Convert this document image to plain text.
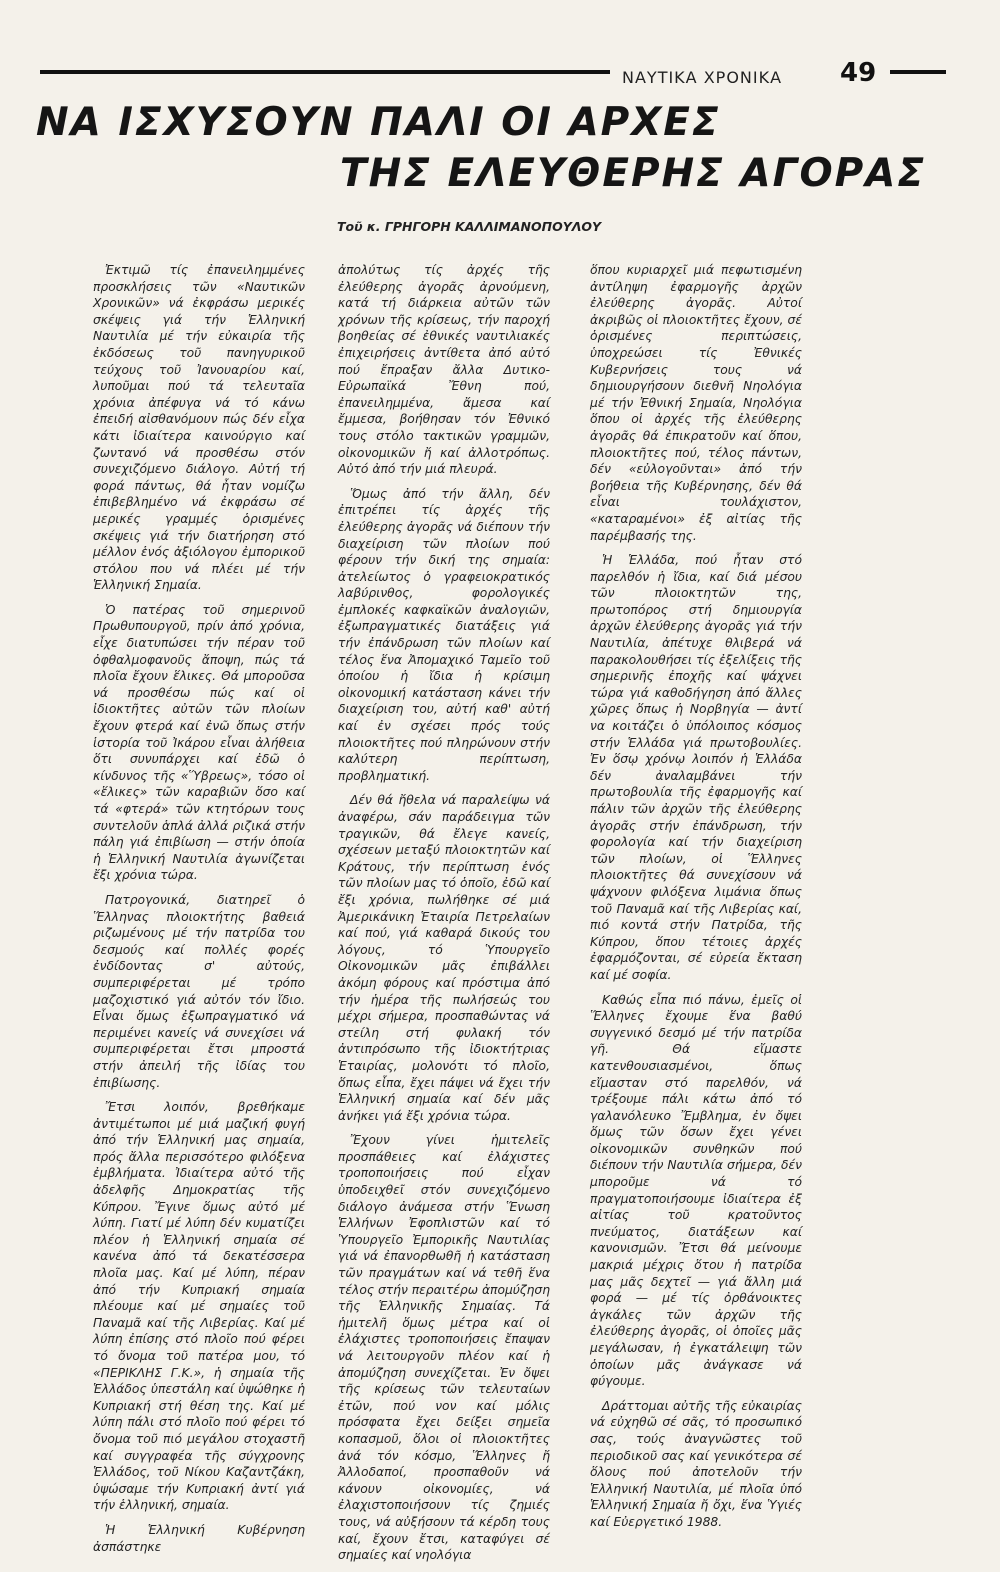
ΝΑΥΤΙΚΑ ΧΡΟΝΙΚΑ 49
ΝΑ ΙΣΧΥΣΟΥΝ ΠΑΛΙ ΟΙ ΑΡΧΕΣ
ΤΗΣ ΕΛΕΥΘΕΡΗΣ ΑΓΟΡΑΣ
Τοῦ κ. ΓΡΗΓΟΡΗ ΚΑΛΛΙΜΑΝΟΠΟΥΛΟΥ

Ἐκτιμῶ τίς ἐπανειλημμένες προσκλήσεις τῶν «Ναυτικῶν Χρονικῶν» νά ἐκφράσω μερικές σκέψεις γιά τήν Ἑλληνική Ναυτιλία μέ τήν εὐκαιρία τῆς ἐκδόσεως τοῦ πανηγυρικοῦ τεύχους τοῦ Ἰανουαρίου καί, λυποῦμαι πού τά τελευταῖα χρόνια ἀπέφυγα νά τό κάνω ἐπειδή αἰσθανόμουν πώς δέν εἶχα κάτι ἰδιαίτερα καινούργιο καί ζωντανό νά προσθέσω στόν συνεχιζόμενο διάλογο. Αὐτή τή φορά πάντως, θά ἦταν νομίζω ἐπιβεβλημένο νά ἐκφράσω σέ μερικές γραμμές ὁρισμένες σκέψεις γιά τήν διατήρηση στό μέλλον ἑνός ἀξιόλογου ἐμπορικοῦ στόλου που νά πλέει μέ τήν Ἑλληνική Σημαία.

Ὁ πατέρας τοῦ σημερινοῦ Πρωθυπουργοῦ, πρίν ἀπό χρόνια, εἶχε διατυπώσει τήν πέραν τοῦ ὀφθαλμοφανοῦς ἄποψη, πώς τά πλοῖα ἔχουν ἕλικες. Θά μποροῦσα νά προσθέσω πώς καί οἱ ἰδιοκτῆτες αὐτῶν τῶν πλοίων ἔχουν φτερά καί ἐνῶ ὅπως στήν ἱστορία τοῦ Ἰκάρου εἶναι ἀλήθεια ὅτι συνυπάρχει καί ἐδῶ ὁ κίνδυνος τῆς «Ὕβρεως», τόσο οἱ «ἕλικες» τῶν καραβιῶν ὅσο καί τά «φτερά» τῶν κτητόρων τους συντελοῦν ἁπλά ἀλλά ριζικά στήν πάλη γιά ἐπιβίωση — στήν ὁποία ἡ Ἑλληνική Ναυτιλία ἀγωνίζεται ἔξι χρόνια τώρα.

Πατρογονικά, διατηρεῖ ὁ Ἕλληνας πλοιοκτήτης βαθειά ριζωμένους μέ τήν πατρίδα του δεσμούς καί πολλές φορές ἐνδίδοντας σ' αὐτούς, συμπεριφέρεται μέ τρόπο μαζοχιστικό γιά αὐτόν τόν ἴδιο. Εἶναι ὅμως ἐξωπραγματικό νά περιμένει κανείς νά συνεχίσει νά συμπεριφέρεται ἔτσι μπροστά στήν ἀπειλή τῆς ἰδίας του ἐπιβίωσης.

Ἔτσι λοιπόν, βρεθήκαμε ἀντιμέτωποι μέ μιά μαζική φυγή ἀπό τήν Ἑλληνική μας σημαία, πρός ἄλλα περισσότερο φιλόξενα ἐμβλήματα. Ἰδιαίτερα αὐτό τῆς ἀδελφῆς Δημοκρατίας τῆς Κύπρου. Ἔγινε ὅμως αὐτό μέ λύπη. Γιατί μέ λύπη δέν κυματίζει πλέον ἡ Ἑλληνική σημαία σέ κανένα ἀπό τά δεκατέσσερα πλοῖα μας. Καί μέ λύπη, πέραν ἀπό τήν Κυπριακή σημαία πλέουμε καί μέ σημαίες τοῦ Παναμᾶ καί τῆς Λιβερίας. Καί μέ λύπη ἐπίσης στό πλοῖο πού φέρει τό ὄνομα τοῦ πατέρα μου, τό «ΠΕΡΙΚΛΗΣ Γ.Κ.», ἡ σημαία τῆς Ἑλλάδος ὑπεστάλη καί ὑψώθηκε ἡ Κυπριακή στή θέση της. Καί μέ λύπη πάλι στό πλοῖο πού φέρει τό ὄνομα τοῦ πιό μεγάλου στοχαστῆ καί συγγραφέα τῆς σύγχρονης Ἑλλάδος, τοῦ Νίκου Καζαντζάκη, ὑψώσαμε τήν Κυπριακή ἀντί γιά τήν ἑλληνική, σημαία.

Ἡ Ἑλληνική Κυβέρνηση ἀσπάστηκε

ἀπολύτως τίς ἀρχές τῆς ἐλεύθερης ἀγορᾶς ἀρνούμενη, κατά τή διάρκεια αὐτῶν τῶν χρόνων τῆς κρίσεως, τήν παροχή βοηθείας σέ ἐθνικές ναυτιλιακές ἐπιχειρήσεις ἀντίθετα ἀπό αὐτό πού ἔπραξαν ἄλλα Δυτικο-Εὐρωπαϊκά Ἔθνη πού, ἐπανειλημμένα, ἄμεσα καί ἔμμεσα, βοήθησαν τόν Ἐθνικό τους στόλο τακτικῶν γραμμῶν, οἰκονομικῶν ἤ καί ἀλλοτρόπως. Αὐτό ἀπό τήν μιά πλευρά.

Ὅμως ἀπό τήν ἄλλη, δέν ἐπιτρέπει τίς ἀρχές τῆς ἐλεύθερης ἀγορᾶς νά διέπουν τήν διαχείριση τῶν πλοίων πού φέρουν τήν δική της σημαία: ἀτελείωτος ὁ γραφειοκρατικός λαβύρινθος, φορολογικές ἐμπλοκές καφκαϊκῶν ἀναλογιῶν, ἐξωπραγματικές διατάξεις γιά τήν ἐπάνδρωση τῶν πλοίων καί τέλος ἕνα Ἀπομαχικό Ταμεῖο τοῦ ὁποίου ἡ ἴδια ἡ κρίσιμη οἰκονομική κατάσταση κάνει τήν διαχείριση του, αὐτή καθ' αὐτή καί ἐν σχέσει πρός τούς πλοιοκτῆτες πού πληρώνουν στήν καλύτερη περίπτωση, προβληματική.

Δέν θά ἤθελα νά παραλείψω νά ἀναφέρω, σάν παράδειγμα τῶν τραγικῶν, θά ἔλεγε κανείς, σχέσεων μεταξύ πλοιοκτητῶν καί Κράτους, τήν περίπτωση ἑνός τῶν πλοίων μας τό ὁποῖο, ἐδῶ καί ἔξι χρόνια, πωλήθηκε σέ μιά Ἀμερικάνικη Ἑταιρία Πετρελαίων καί πού, γιά καθαρά δικούς του λόγους, τό Ὑπουργεῖο Οἰκονομικῶν μᾶς ἐπιβάλλει ἀκόμη φόρους καί πρόστιμα ἀπό τήν ἡμέρα τῆς πωλήσεώς του μέχρι σήμερα, προσπαθώντας νά στείλη στή φυλακή τόν ἀντιπρόσωπο τῆς ἰδιοκτήτριας Ἑταιρίας, μολονότι τό πλοῖο, ὅπως εἶπα, ἔχει πάψει νά ἔχει τήν Ἑλληνική σημαία καί δέν μᾶς ἀνήκει γιά ἔξι χρόνια τώρα.

Ἔχουν γίνει ἡμιτελεῖς προσπάθειες καί ἐλάχιστες τροποποιήσεις πού εἶχαν ὑποδειχθεῖ στόν συνεχιζόμενο διάλογο ἀνάμεσα στήν Ἕνωση Ἑλλήνων Ἐφοπλιστῶν καί τό Ὑπουργεῖο Ἐμπορικῆς Ναυτιλίας γιά νά ἐπανορθωθῆ ἡ κατάσταση τῶν πραγμάτων καί νά τεθῆ ἕνα τέλος στήν περαιτέρω ἀπομύζηση τῆς Ἑλληνικῆς Σημαίας. Τά ἡμιτελῆ ὅμως μέτρα καί οἱ ἐλάχιστες τροποποιήσεις ἔπαψαν νά λειτουργοῦν πλέον καί ἡ ἀπομύζηση συνεχίζεται. Ἐν ὄψει τῆς κρίσεως τῶν τελευταίων ἐτῶν, πού νον καί μόλις πρόσφατα ἔχει δείξει σημεῖα κοπασμοῦ, ὅλοι οἱ πλοιοκτῆτες ἀνά τόν κόσμο, Ἕλληνες ἤ Ἀλλοδαποί, προσπαθοῦν νά κάνουν οἰκονομίες, νά ἐλαχιστοποιήσουν τίς ζημιές τους, νά αὐξήσουν τά κέρδη τους καί, ἔχουν ἔτσι, καταφύγει σέ σημαίες καί νηολόγια

ὅπου κυριαρχεῖ μιά πεφωτισμένη ἀντίληψη ἐφαρμογῆς ἀρχῶν ἐλεύθερης ἀγορᾶς. Αὐτοί ἀκριβῶς οἱ πλοιοκτῆτες ἔχουν, σέ ὁρισμένες περιπτώσεις, ὑποχρεώσει τίς Ἐθνικές Κυβερνήσεις τους νά δημιουργήσουν διεθνῆ Νηολόγια μέ τήν Ἐθνική Σημαία, Νηολόγια ὅπου οἱ ἀρχές τῆς ἐλεύθερης ἀγορᾶς θά ἐπικρατοῦν καί ὅπου, πλοιοκτῆτες πού, τέλος πάντων, δέν «εὐλογοῦνται» ἀπό τήν βοήθεια τῆς Κυβέρνησης, δέν θά εἶναι τουλάχιστον, «καταραμένοι» ἐξ αἰτίας τῆς παρέμβασής της.

Ἡ Ἑλλάδα, πού ἦταν στό παρελθόν ἡ ἴδια, καί διά μέσου τῶν πλοιοκτητῶν της, πρωτοπόρος στή δημιουργία ἀρχῶν ἐλεύθερης ἀγορᾶς γιά τήν Ναυτιλία, ἀπέτυχε θλιβερά νά παρακολουθήσει τίς ἐξελίξεις τῆς σημερινῆς ἐποχῆς καί ψάχνει τώρα γιά καθοδήγηση ἀπό ἄλλες χῶρες ὅπως ἡ Νορβηγία — ἀντί να κοιτάζει ὁ ὑπόλοιπος κόσμος στήν Ἑλλάδα γιά πρωτοβουλίες. Ἐν ὅσῳ χρόνῳ λοιπόν ἡ Ἑλλάδα δέν ἀναλαμβάνει τήν πρωτοβουλία τῆς ἐφαρμογῆς καί πάλιν τῶν ἀρχῶν τῆς ἐλεύθερης ἀγορᾶς στήν ἐπάνδρωση, τήν φορολογία καί τήν διαχείριση τῶν πλοίων, οἱ Ἕλληνες πλοιοκτῆτες θά συνεχίσουν νά ψάχνουν φιλόξενα λιμάνια ὅπως τοῦ Παναμᾶ καί τῆς Λιβερίας καί, πιό κοντά στήν Πατρίδα, τῆς Κύπρου, ὅπου τέτοιες ἀρχές ἐφαρμόζονται, σέ εὐρεία ἔκταση καί μέ σοφία.

Καθώς εἶπα πιό πάνω, ἐμεῖς οἱ Ἕλληνες ἔχουμε ἕνα βαθύ συγγενικό δεσμό μέ τήν πατρίδα γῆ. Θά εἴμαστε κατενθουσιασμένοι, ὅπως εἴμασταν στό παρελθόν, νά τρέξουμε πάλι κάτω ἀπό τό γαλανόλευκο Ἔμβλημα, ἐν ὄψει ὅμως τῶν ὅσων ἔχει γένει οἰκονομικῶν συνθηκῶν πού διέπουν τήν Ναυτιλία σήμερα, δέν μποροῦμε νά τό πραγματοποιήσουμε ἰδιαίτερα ἐξ αἰτίας τοῦ κρατοῦντος πνεύματος, διατάξεων καί κανονισμῶν. Ἔτσι θά μείνουμε μακριά μέχρις ὅτου ἡ πατρίδα μας μᾶς δεχτεῖ — γιά ἄλλη μιά φορά — μέ τίς ὀρθάνοικτες ἀγκάλες τῶν ἀρχῶν τῆς ἐλεύθερης ἀγορᾶς, οἱ ὁποῖες μᾶς μεγάλωσαν, ἡ ἐγκατάλειψη τῶν ὁποίων μᾶς ἀνάγκασε νά φύγουμε.

Δράττομαι αὐτῆς τῆς εὐκαιρίας νά εὐχηθῶ σέ σᾶς, τό προσωπικό σας, τούς ἀναγνῶστες τοῦ περιοδικοῦ σας καί γενικότερα σέ ὅλους πού ἀποτελοῦν τήν Ἑλληνική Ναυτιλία, μέ πλοῖα ὑπό Ἑλληνική Σημαία ἤ ὄχι, ἕνα Ὑγιές καί Εὐεργετικό 1988.
